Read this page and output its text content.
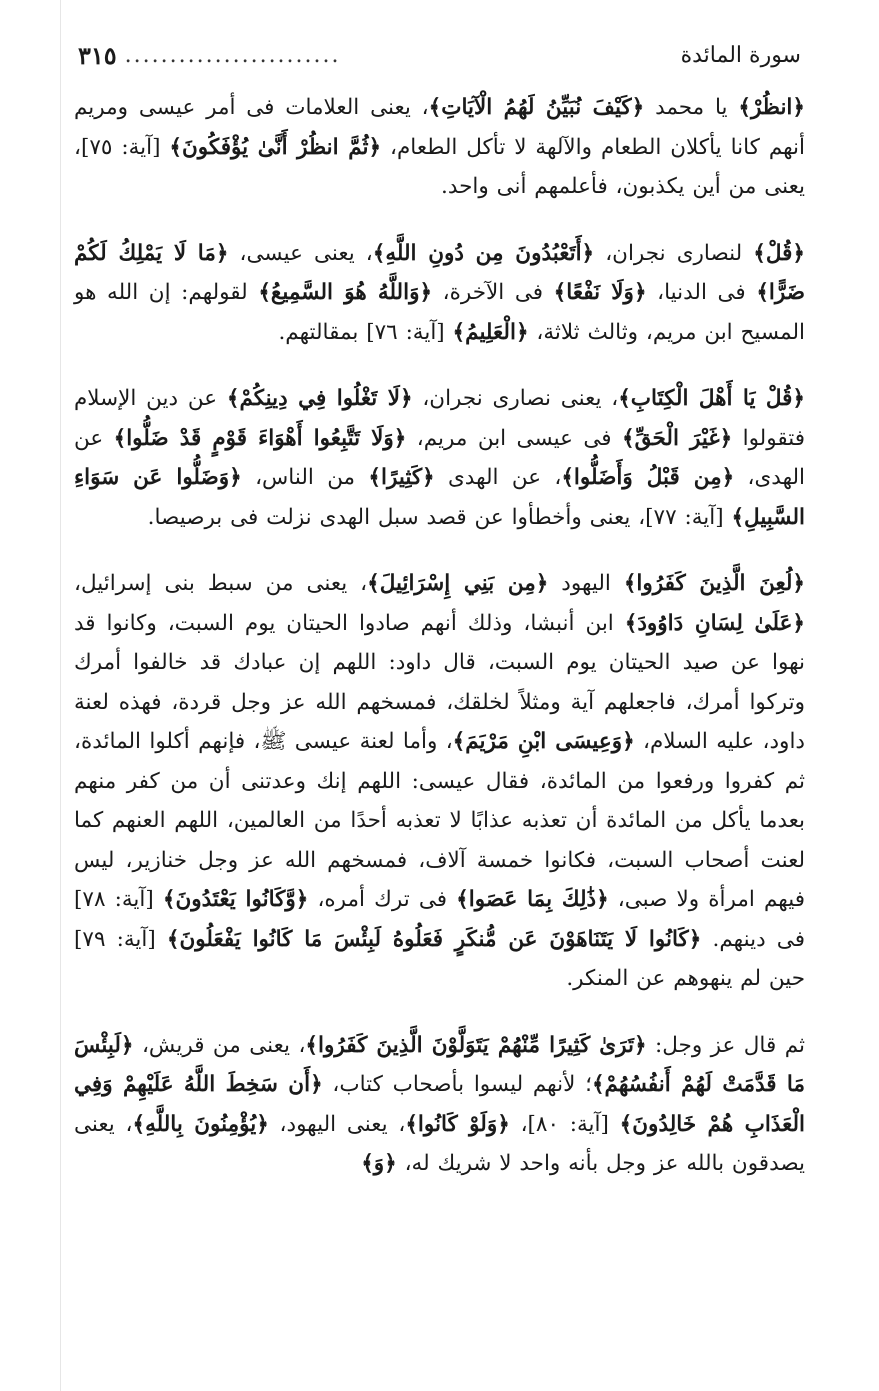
سورة المائدة
........................
٣١٥

﴿انظُرْ﴾ يا محمد ﴿كَيْفَ نُبَيِّنُ لَهُمُ الْآيَاتِ﴾، يعنى العلامات فى أمر عيسى ومريم أنهم كانا يأكلان الطعام والآلهة لا تأكل الطعام، ﴿ثُمَّ انظُرْ أَنَّىٰ يُؤْفَكُونَ﴾ [آية: ٧٥]، يعنى من أين يكذبون، فأعلمهم أنى واحد.

﴿قُلْ﴾ لنصارى نجران، ﴿أَتَعْبُدُونَ مِن دُونِ اللَّهِ﴾، يعنى عيسى، ﴿مَا لَا يَمْلِكُ لَكُمْ ضَرًّا﴾ فى الدنيا، ﴿وَلَا نَفْعًا﴾ فى الآخرة، ﴿وَاللَّهُ هُوَ السَّمِيعُ﴾ لقولهم: إن الله هو المسيح ابن مريم، وثالث ثلاثة، ﴿الْعَلِيمُ﴾ [آية: ٧٦] بمقالتهم.

﴿قُلْ يَا أَهْلَ الْكِتَابِ﴾، يعنى نصارى نجران، ﴿لَا تَغْلُوا فِي دِينِكُمْ﴾ عن دين الإسلام فتقولوا ﴿غَيْرَ الْحَقِّ﴾ فى عيسى ابن مريم، ﴿وَلَا تَتَّبِعُوا أَهْوَاءَ قَوْمٍ قَدْ ضَلُّوا﴾ عن الهدى، ﴿مِن قَبْلُ وَأَضَلُّوا﴾، عن الهدى ﴿كَثِيرًا﴾ من الناس، ﴿وَضَلُّوا عَن سَوَاءِ السَّبِيلِ﴾ [آية: ٧٧]، يعنى وأخطأوا عن قصد سبل الهدى نزلت فى برصيصا.

﴿لُعِنَ الَّذِينَ كَفَرُوا﴾ اليهود ﴿مِن بَنِي إِسْرَائِيلَ﴾، يعنى من سبط بنى إسرائيل، ﴿عَلَىٰ لِسَانِ دَاوُودَ﴾ ابن أنبشا، وذلك أنهم صادوا الحيتان يوم السبت، وكانوا قد نهوا عن صيد الحيتان يوم السبت، قال داود: اللهم إن عبادك قد خالفوا أمرك وتركوا أمرك، فاجعلهم آية ومثلاً لخلقك، فمسخهم الله عز وجل قردة، فهذه لعنة داود، عليه السلام، ﴿وَعِيسَى ابْنِ مَرْيَمَ﴾، وأما لعنة عيسى ﷺ، فإنهم أكلوا المائدة، ثم كفروا ورفعوا من المائدة، فقال عيسى: اللهم إنك وعدتنى أن من كفر منهم بعدما يأكل من المائدة أن تعذبه عذابًا لا تعذبه أحدًا من العالمين، اللهم العنهم كما لعنت أصحاب السبت، فكانوا خمسة آلاف، فمسخهم الله عز وجل خنازير، ليس فيهم امرأة ولا صبى، ﴿ذَٰلِكَ بِمَا عَصَوا﴾ فى ترك أمره، ﴿وَّكَانُوا يَعْتَدُونَ﴾ [آية: ٧٨] فى دينهم. ﴿كَانُوا لَا يَتَنَاهَوْنَ عَن مُّنكَرٍ فَعَلُوهُ لَبِئْسَ مَا كَانُوا يَفْعَلُونَ﴾ [آية: ٧٩] حين لم ينهوهم عن المنكر.

ثم قال عز وجل: ﴿تَرَىٰ كَثِيرًا مِّنْهُمْ يَتَوَلَّوْنَ الَّذِينَ كَفَرُوا﴾، يعنى من قريش، ﴿لَبِئْسَ مَا قَدَّمَتْ لَهُمْ أَنفُسُهُمْ﴾؛ لأنهم ليسوا بأصحاب كتاب، ﴿أَن سَخِطَ اللَّهُ عَلَيْهِمْ وَفِي الْعَذَابِ هُمْ خَالِدُونَ﴾ [آية: ٨٠]، ﴿وَلَوْ كَانُوا﴾، يعنى اليهود، ﴿يُؤْمِنُونَ بِاللَّهِ﴾، يعنى يصدقون بالله عز وجل بأنه واحد لا شريك له، ﴿وَ﴾
